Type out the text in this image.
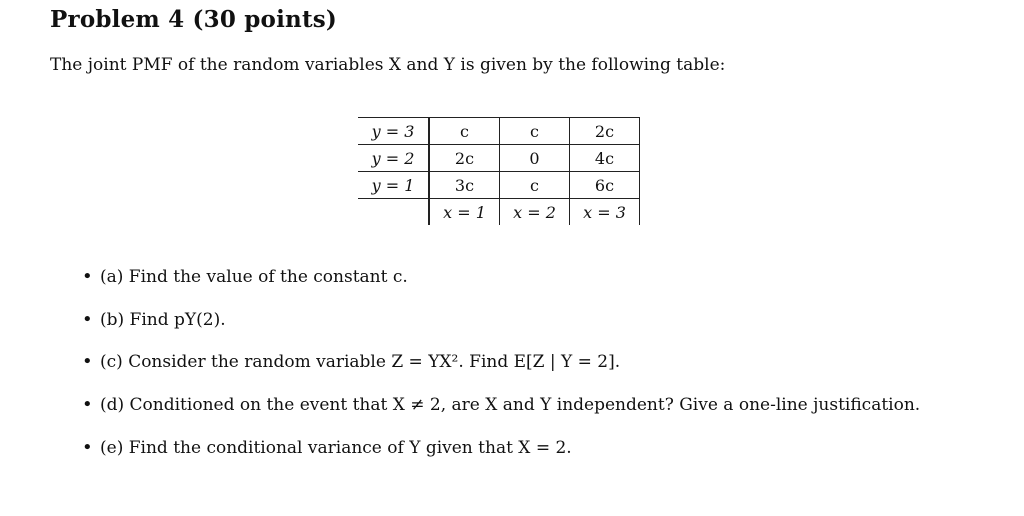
Problem 4 (30 points)
The joint PMF of the random variables X and Y is given by the following table:
y = 3	c	c	2c
y = 2	2c	0	4c
y = 1	3c	c	6c
	x = 1	x = 2	x = 3
• (a) Find the value of the constant c.
• (b) Find pY(2).
• (c) Consider the random variable Z = YX². Find E[Z | Y = 2].
• (d) Conditioned on the event that X ≠ 2, are X and Y independent? Give a one-line justification.
• (e) Find the conditional variance of Y given that X = 2.
